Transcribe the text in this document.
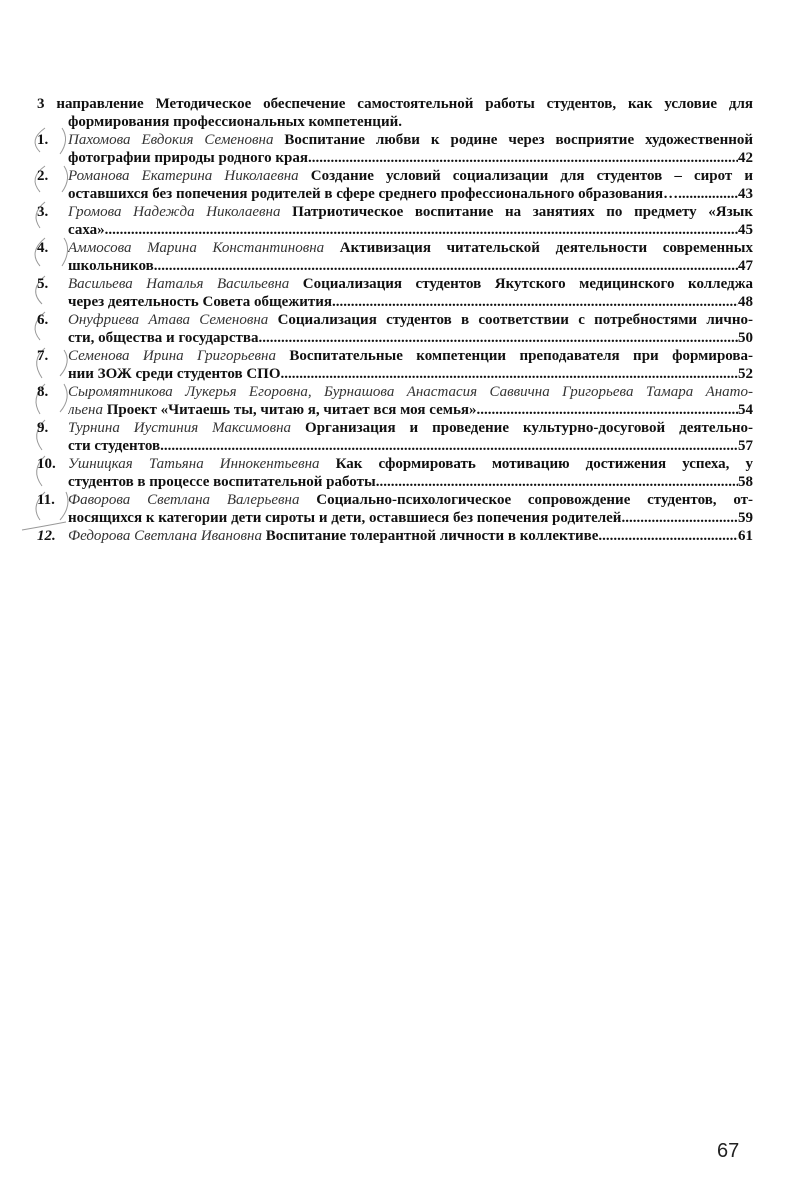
3 направление Методическое обеспечение самостоятельной работы студентов, как условие для
формирования профессиональных компетенций.
1. Пахомова Евдокия Семеновна Воспитание любви к родине через восприятие художественной
фотографии природы родного края .....	42
2. Романова Екатерина Николаевна Создание условий социализации для студентов – сирот и
оставшихся без попечения родителей в сфере среднего профессионального образования… .....	43
3. Громова Надежда Николаевна Патриотическое воспитание на занятиях по предмету «Язык
саха» .....	45
4. Аммосова Марина Константиновна Активизация читательской деятельности современных
школьников .....	47
5. Васильева Наталья Васильевна Социализация студентов Якутского медицинского колледжа
через деятельность Совета общежития .....	48
6. Онуфриева Атава Семеновна Социализация студентов в соответствии с потребностями лично-
сти, общества и государства .....	50
7. Семенова Ирина Григорьевна Воспитательные компетенции преподавателя при формирова-
нии ЗОЖ среди студентов СПО .....	52
8. Сыромятникова Лукерья Егоровна, Бурнашова Анастасия Саввична Григорьева Тамара Анато-
льена Проект «Читаешь ты, читаю я, читает вся моя семья» .....	54
9. Турнина Иустиния Максимовна Организация и проведение культурно-досуговой деятельно-
сти студентов .....	57
10. Ушницкая Татьяна Иннокентьевна Как сформировать мотивацию достижения успеха, у
студентов в процессе воспитательной работы .....	58
11. Фаворова Светлана Валерьевна Социально-психологическое сопровождение студентов, от-
носящихся к категории дети сироты и дети, оставшиеся без попечения родителей .....	59
12. Федорова Светлана Ивановна Воспитание толерантной личности в коллективе .....	61
67
